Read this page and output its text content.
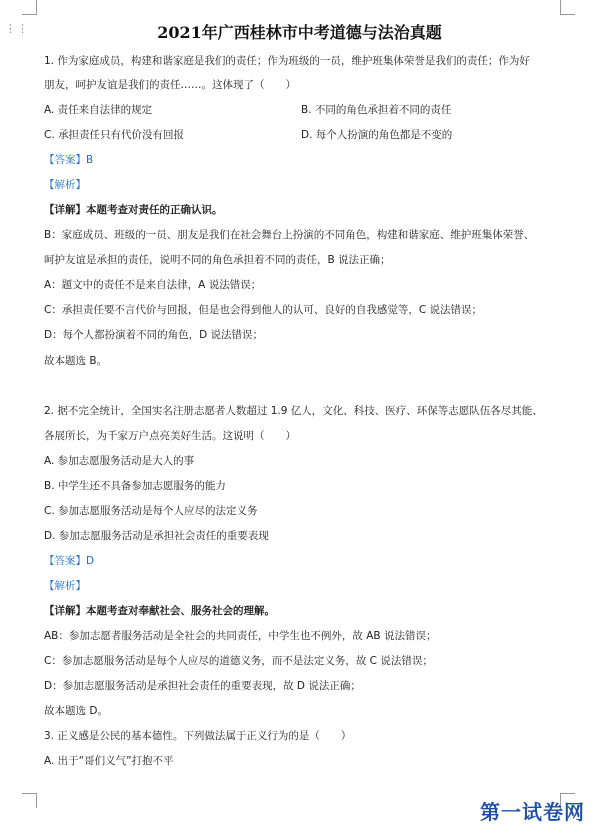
⋮⋮	2021年广西桂林市中考道德与法治真题
1. 作为家庭成员，构建和谐家庭是我们的责任；作为班级的一员，维护班集体荣誉是我们的责任；作为好
朋友，呵护友谊是我们的责任……。这体现了（　　）
A. 责任来自法律的规定	B. 不同的角色承担着不同的责任
C. 承担责任只有代价没有回报	D. 每个人扮演的角色都是不变的
【答案】B
【解析】
【详解】本题考查对责任的正确认识。
B：家庭成员、班级的一员、朋友是我们在社会舞台上扮演的不同角色，构建和谐家庭、维护班集体荣誉、
呵护友谊是承担的责任，说明不同的角色承担着不同的责任，B 说法正确；
A：题文中的责任不是来自法律，A 说法错误；
C：承担责任要不言代价与回报，但是也会得到他人的认可、良好的自我感觉等，C 说法错误；
D：每个人都扮演着不同的角色，D 说法错误；
故本题选 B。
2. 据不完全统计，全国实名注册志愿者人数超过 1.9 亿人，文化、科技、医疗、环保等志愿队伍各尽其能、
各展所长，为千家万户点亮美好生活。这说明（　　）
A. 参加志愿服务活动是大人的事
B. 中学生还不具备参加志愿服务的能力
C. 参加志愿服务活动是每个人应尽的法定义务
D. 参加志愿服务活动是承担社会责任的重要表现
【答案】D
【解析】
【详解】本题考查对奉献社会、服务社会的理解。
AB：参加志愿者服务活动是全社会的共同责任，中学生也不例外，故 AB 说法错误；
C：参加志愿服务活动是每个人应尽的道德义务，而不是法定义务，故 C 说法错误；
D：参加志愿服务活动是承担社会责任的重要表现，故 D 说法正确；
故本题选 D。
3. 正义感是公民的基本德性。下列做法属于正义行为的是（　　）
A. 出于“哥们义气”打抱不平
第一试卷网
